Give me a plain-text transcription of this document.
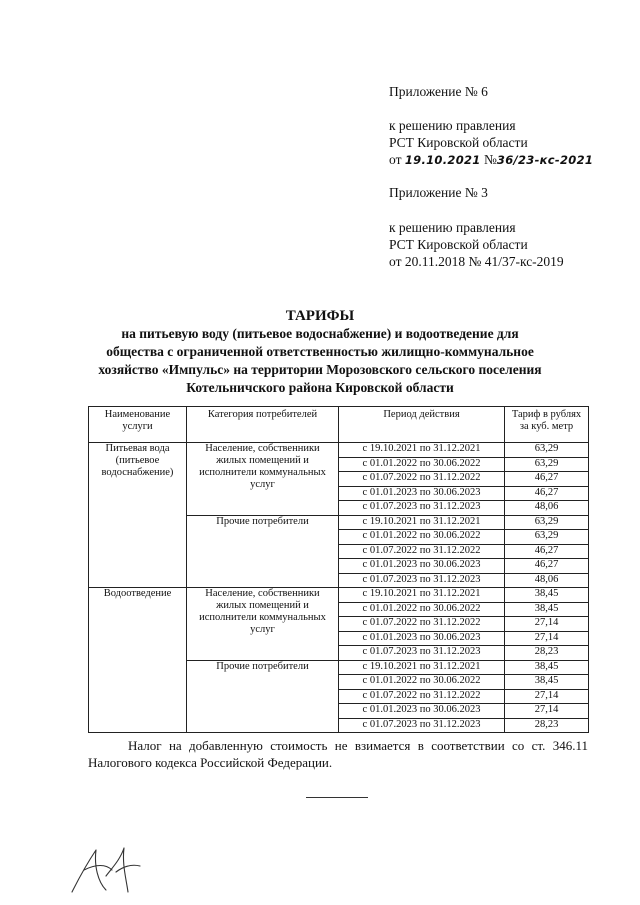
Приложение № 6
к решению правления
РСТ Кировской области
от 19.10.2021 №36/23-кс-2021
Приложение № 3
к решению правления
РСТ Кировской области
от 20.11.2018 № 41/37-кс-2019
ТАРИФЫ
на питьевую воду (питьевое водоснабжение) и водоотведение для
общества с ограниченной ответственностью жилищно-коммунальное
хозяйство «Импульс» на территории Морозовского сельского поселения
Котельничского района Кировской области
Наименование услуги	Категория потребителей	Период действия	Тариф в рублях за куб. метр
Питьевая вода (питьевое водоснабжение)	Население, собственники жилых помещений и исполнители коммунальных услуг	с 19.10.2021 по 31.12.2021	63,29
		с 01.01.2022 по 30.06.2022	63,29
		с 01.07.2022 по 31.12.2022	46,27
		с 01.01.2023 по 30.06.2023	46,27
		с 01.07.2023 по 31.12.2023	48,06
	Прочие потребители	с 19.10.2021 по 31.12.2021	63,29
		с 01.01.2022 по 30.06.2022	63,29
		с 01.07.2022 по 31.12.2022	46,27
		с 01.01.2023 по 30.06.2023	46,27
		с 01.07.2023 по 31.12.2023	48,06
Водоотведение	Население, собственники жилых помещений и исполнители коммунальных услуг	с 19.10.2021 по 31.12.2021	38,45
		с 01.01.2022 по 30.06.2022	38,45
		с 01.07.2022 по 31.12.2022	27,14
		с 01.01.2023 по 30.06.2023	27,14
		с 01.07.2023 по 31.12.2023	28,23
	Прочие потребители	с 19.10.2021 по 31.12.2021	38,45
		с 01.01.2022 по 30.06.2022	38,45
		с 01.07.2022 по 31.12.2022	27,14
		с 01.01.2023 по 30.06.2023	27,14
		с 01.07.2023 по 31.12.2023	28,23

Налог на добавленную стоимость не взимается в соответствии со ст. 346.11

Налогового кодекса Российской Федерации.
